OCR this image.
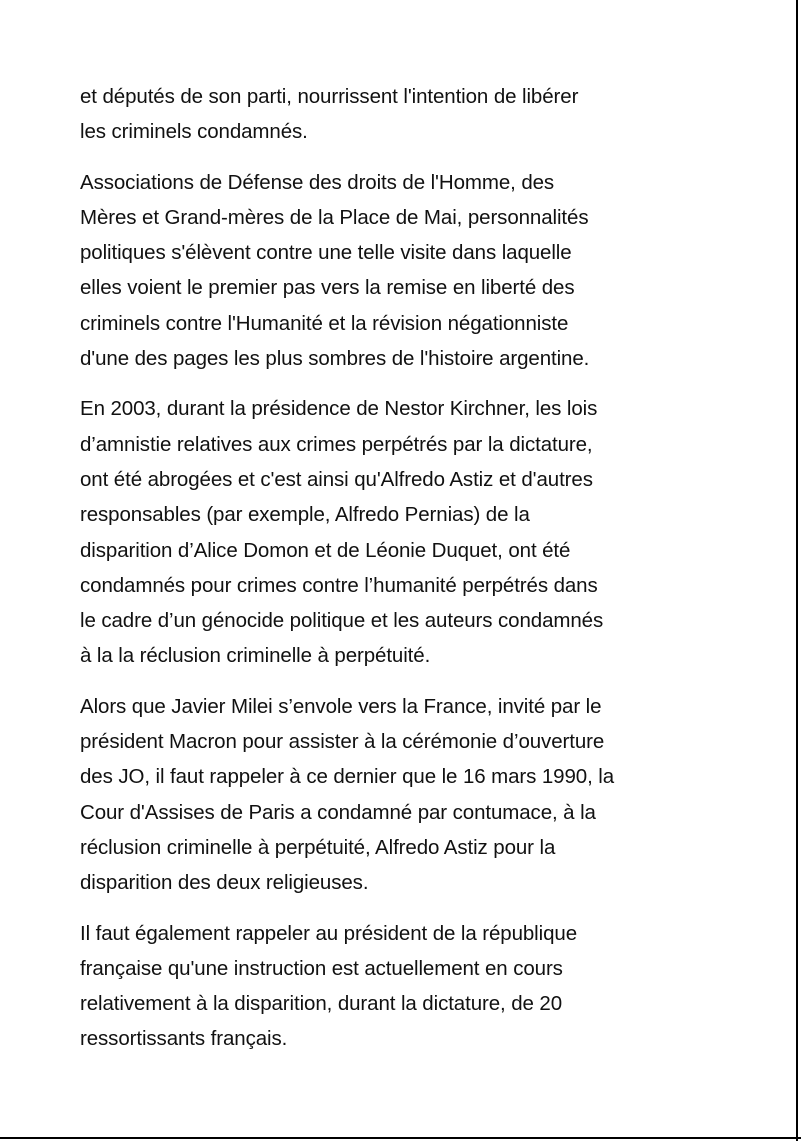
et députés de son parti, nourrissent l'intention de libérer
les criminels condamnés.

Associations de Défense des droits de l'Homme, des
Mères et Grand-mères de la Place de Mai, personnalités
politiques s'élèvent contre une telle visite dans laquelle
elles voient le premier pas vers la remise en liberté des
criminels contre l'Humanité et la révision négationniste
d'une des pages les plus sombres de l'histoire argentine.

En 2003, durant la présidence de Nestor Kirchner, les lois
d’amnistie relatives aux crimes perpétrés par la dictature,
ont été abrogées et c'est ainsi qu'Alfredo Astiz et d'autres
responsables (par exemple, Alfredo Pernias) de la
disparition d’Alice Domon et de Léonie Duquet, ont été
condamnés pour crimes contre l’humanité perpétrés dans
le cadre d’un génocide politique et les auteurs condamnés
à la la réclusion criminelle à perpétuité.

Alors que Javier Milei s’envole vers la France, invité par le
président Macron pour assister à la cérémonie d’ouverture
des JO, il faut rappeler à ce dernier que le 16 mars 1990, la
Cour d'Assises de Paris a condamné par contumace, à la
réclusion criminelle à perpétuité, Alfredo Astiz pour la
disparition des deux religieuses.

Il faut également rappeler au président de la république
française qu'une instruction est actuellement en cours
relativement à la disparition, durant la dictature, de 20
ressortissants français.
